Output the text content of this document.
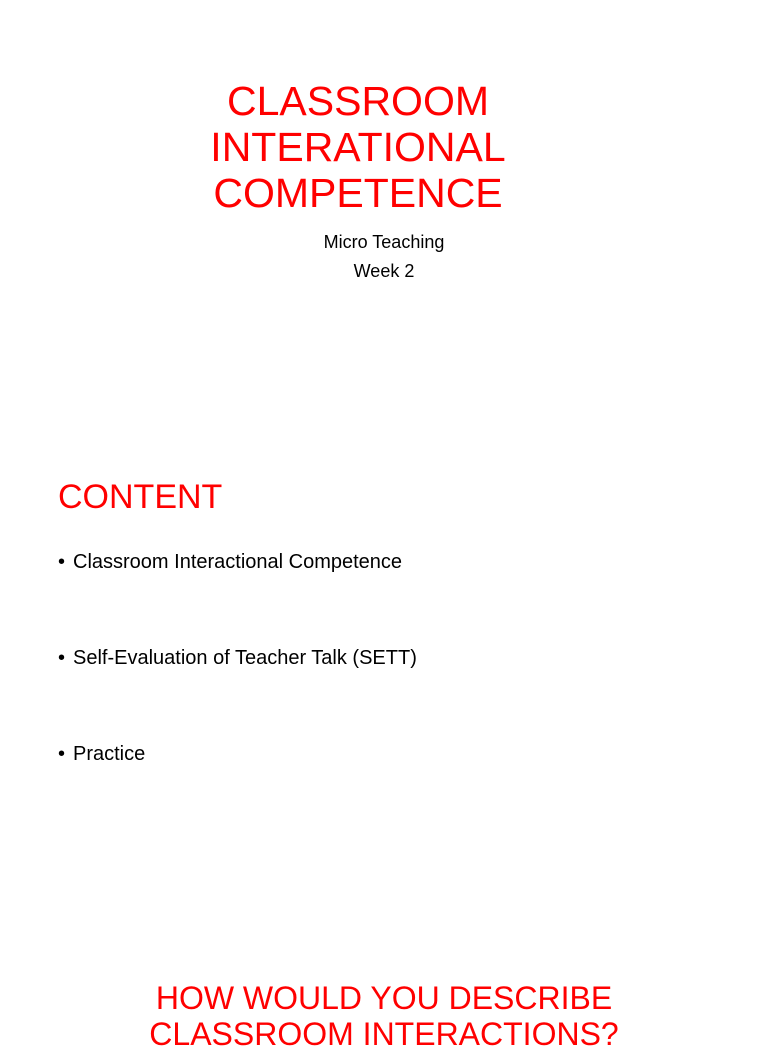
CLASSROOM
INTERATIONAL
COMPETENCE
Micro Teaching
Week 2
CONTENT
• Classroom Interactional Competence
• Self-Evaluation of Teacher Talk (SETT)
• Practice
HOW WOULD YOU DESCRIBE
CLASSROOM INTERACTIONS?
